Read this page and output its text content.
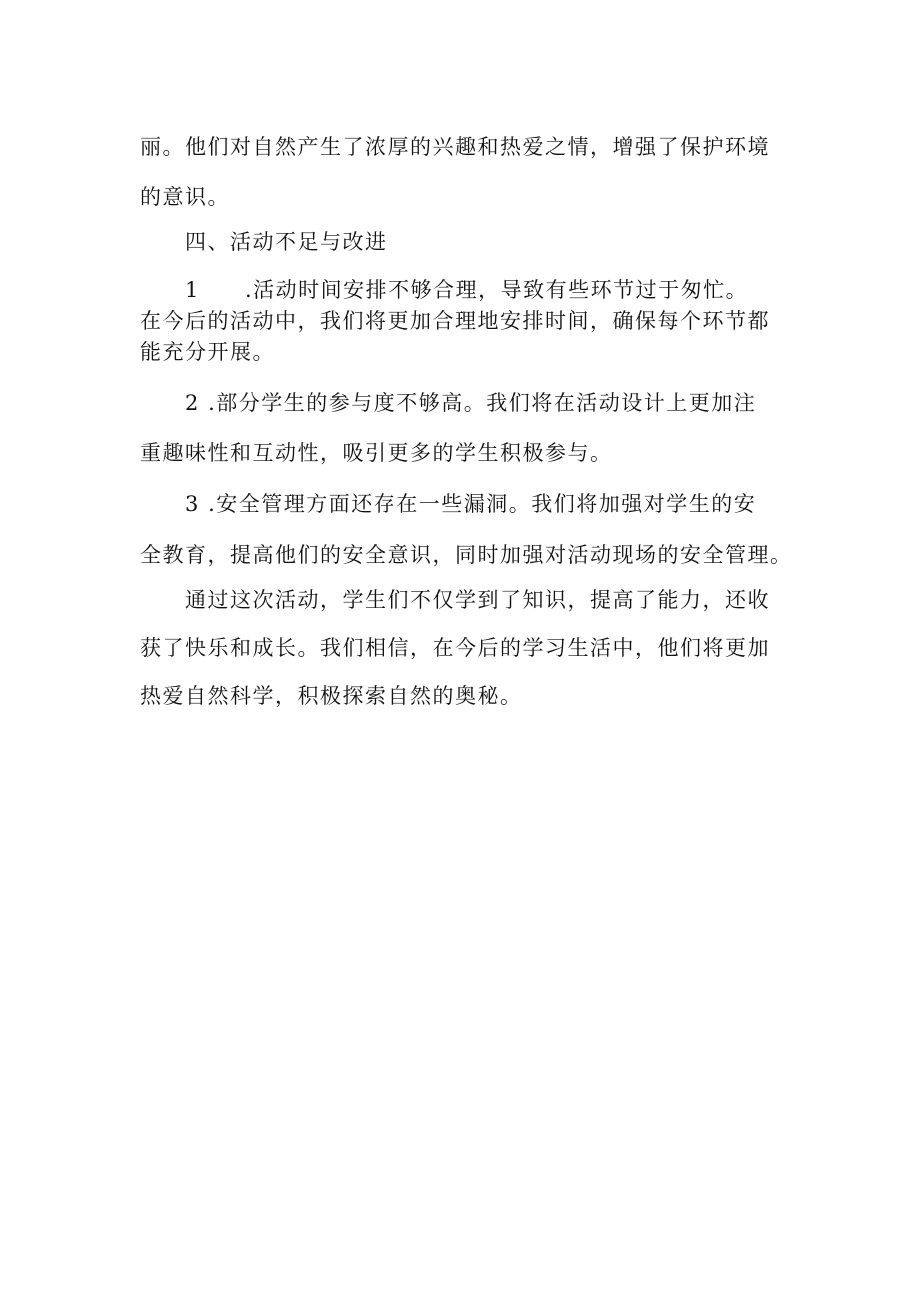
丽。他们对自然产生了浓厚的兴趣和热爱之情，增强了保护环境
的意识。

四、活动不足与改进

1 .活动时间安排不够合理，导致有些环节过于匆忙。
在今后的活动中，我们将更加合理地安排时间，确保每个环节都
能充分开展。

2 .部分学生的参与度不够高。我们将在活动设计上更加注
重趣味性和互动性，吸引更多的学生积极参与。

3 .安全管理方面还存在一些漏洞。我们将加强对学生的安
全教育，提高他们的安全意识，同时加强对活动现场的安全管理。

通过这次活动，学生们不仅学到了知识，提高了能力，还收
获了快乐和成长。我们相信，在今后的学习生活中，他们将更加
热爱自然科学，积极探索自然的奥秘。
